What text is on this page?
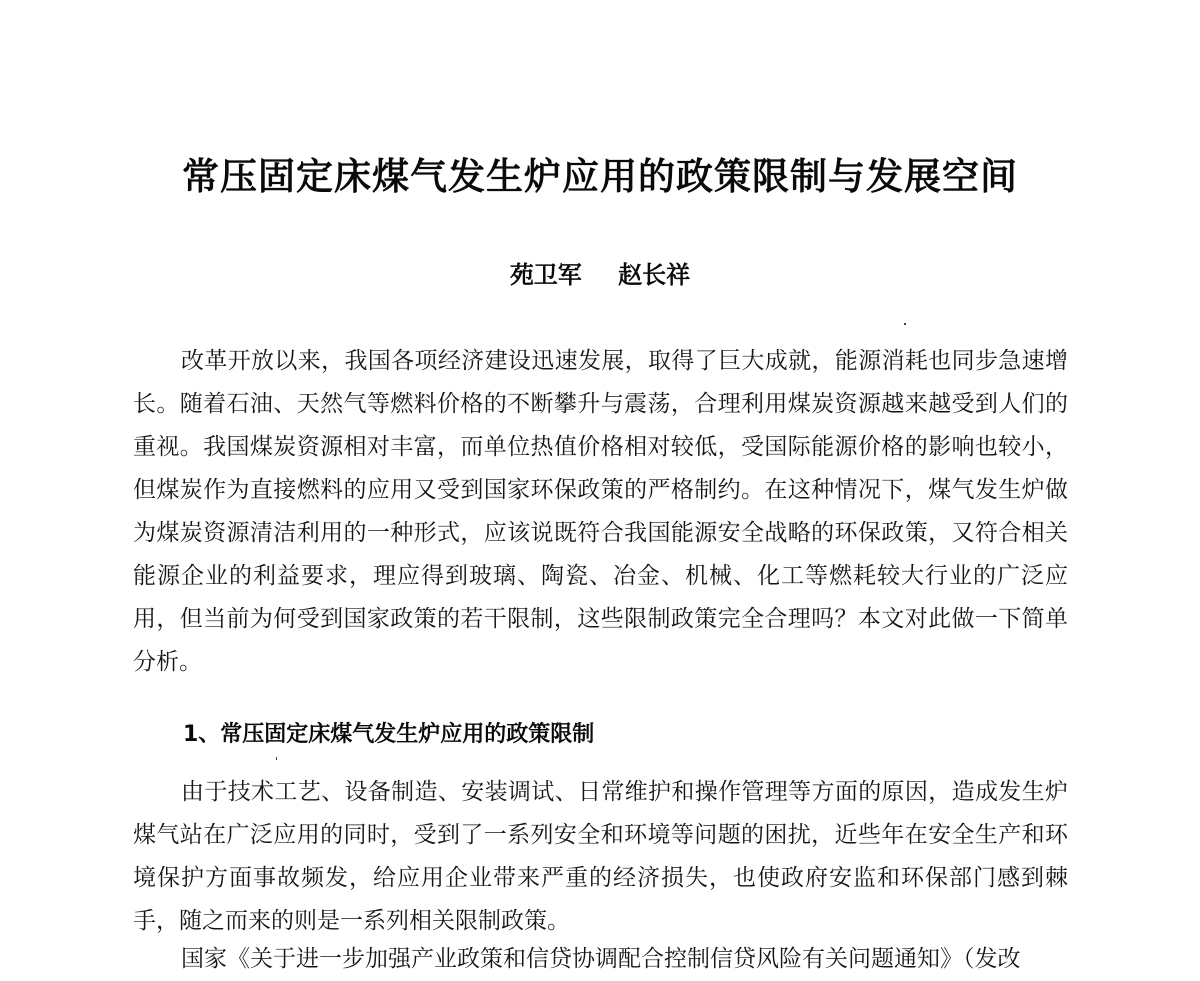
常压固定床煤气发生炉应用的政策限制与发展空间
苑卫军 赵长祥

改革开放以来，我国各项经济建设迅速发展，取得了巨大成就，能源消耗也同步急速增长。随着石油、天然气等燃料价格的不断攀升与震荡，合理利用煤炭资源越来越受到人们的重视。我国煤炭资源相对丰富，而单位热值价格相对较低，受国际能源价格的影响也较小，但煤炭作为直接燃料的应用又受到国家环保政策的严格制约。在这种情况下，煤气发生炉做为煤炭资源清洁利用的一种形式，应该说既符合我国能源安全战略的环保政策，又符合相关能源企业的利益要求，理应得到玻璃、陶瓷、冶金、机械、化工等燃耗较大行业的广泛应用，但当前为何受到国家政策的若干限制，这些限制政策完全合理吗？本文对此做一下简单分析。

1、常压固定床煤气发生炉应用的政策限制

由于技术工艺、设备制造、安装调试、日常维护和操作管理等方面的原因，造成发生炉煤气站在广泛应用的同时，受到了一系列安全和环境等问题的困扰，近些年在安全生产和环境保护方面事故频发，给应用企业带来严重的经济损失，也使政府安监和环保部门感到棘手，随之而来的则是一系列相关限制政策。

国家《关于进一步加强产业政策和信贷协调配合控制信贷风险有关问题通知》（发改
